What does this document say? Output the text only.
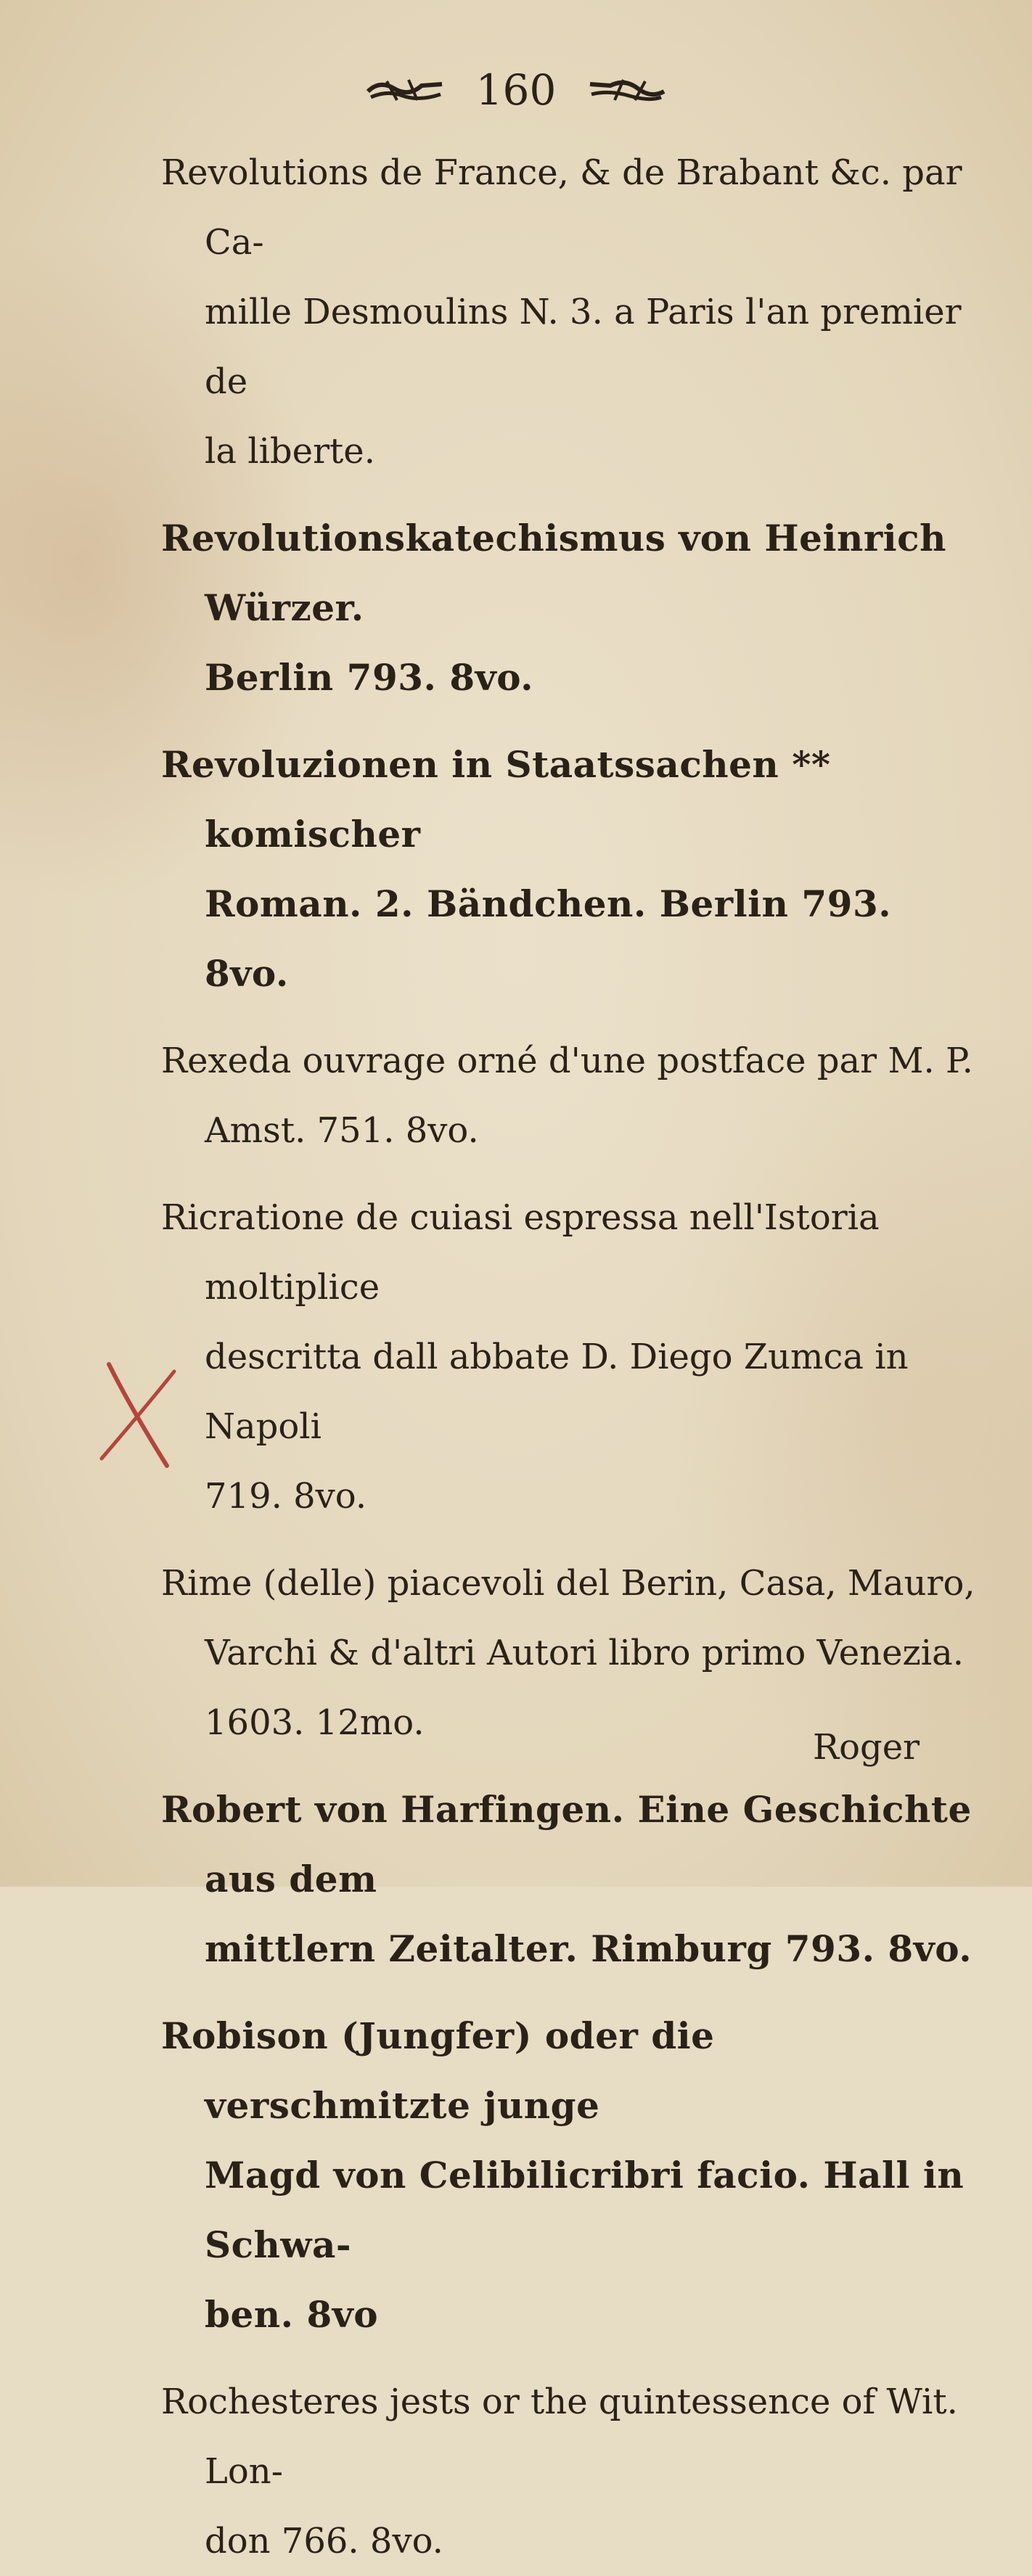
160

Revolutions de France, & de Brabant &c. par Ca-
mille Desmoulins N. 3. a Paris l'an premier de
la liberte.

Revolutionskatechismus von Heinrich Würzer.
Berlin 793. 8vo.

Revoluzionen in Staatssachen ** komischer
Roman. 2. Bändchen. Berlin 793. 8vo.

Rexeda ouvrage orné d'une postface par M. P.
Amst. 751. 8vo.

Ricratione de cuiasi espressa nell'Istoria moltiplice
descritta dall abbate D. Diego Zumca in Napoli
719. 8vo.

Rime (delle) piacevoli del Berin, Casa, Mauro,
Varchi & d'altri Autori libro primo Venezia.
1603. 12mo.

Robert von Harfingen. Eine Geschichte aus dem
mittlern Zeitalter. Rimburg 793. 8vo.

Robison (Jungfer) oder die verschmitzte junge
Magd von Celibilicribri facio. Hall in Schwa-
ben. 8vo

Rochesteres jests or the quintessence of Wit. Lon-
don 766. 8vo.

Roger
